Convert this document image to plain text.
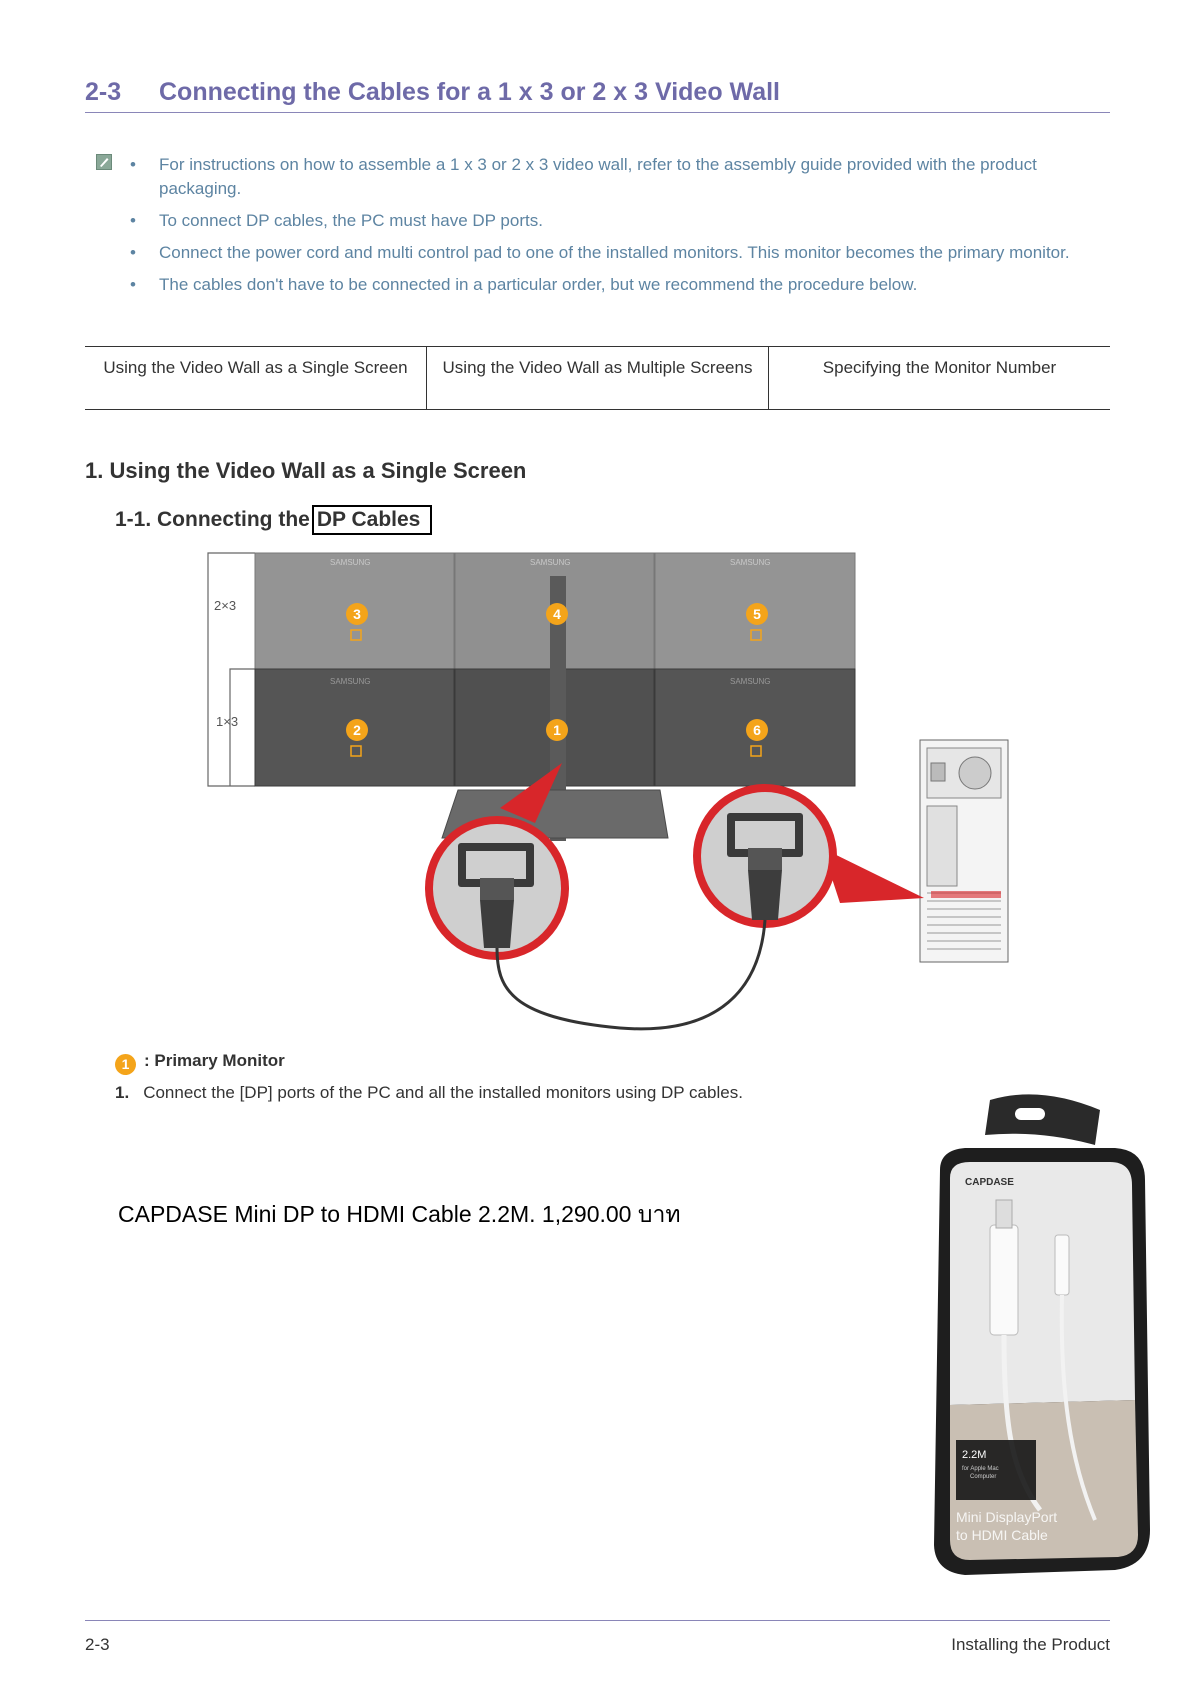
2-3 Connecting the Cables for a 1 x 3 or 2 x 3 Video Wall
• For instructions on how to assemble a 1 x 3 or 2 x 3 video wall, refer to the assembly guide provided with the product packaging.
• To connect DP cables, the PC must have DP ports.
• Connect the power cord and multi control pad to one of the installed monitors. This monitor becomes the primary monitor.
• The cables don't have to be connected in a particular order, but we recommend the procedure below.
Using the Video Wall as a Single Screen	Using the Video Wall as Multiple Screens	Specifying the Monitor Number
1. Using the Video Wall as a Single Screen
1-1. Connecting the DP Cables
2×3
1×3
SAMSUNG	SAMSUNG	SAMSUNG
SAMSUNG	SAMSUNG
3	4	5
2	1	6
1 : Primary Monitor
1. Connect the [DP] ports of the PC and all the installed monitors using DP cables.
CAPDASE Mini DP to HDMI Cable 2.2M. 1,290.00 บาท
CAPDASE
2.2M
for Apple Mac
Computer
Mini DisplayPort
to HDMI Cable
2-3	Installing the Product
